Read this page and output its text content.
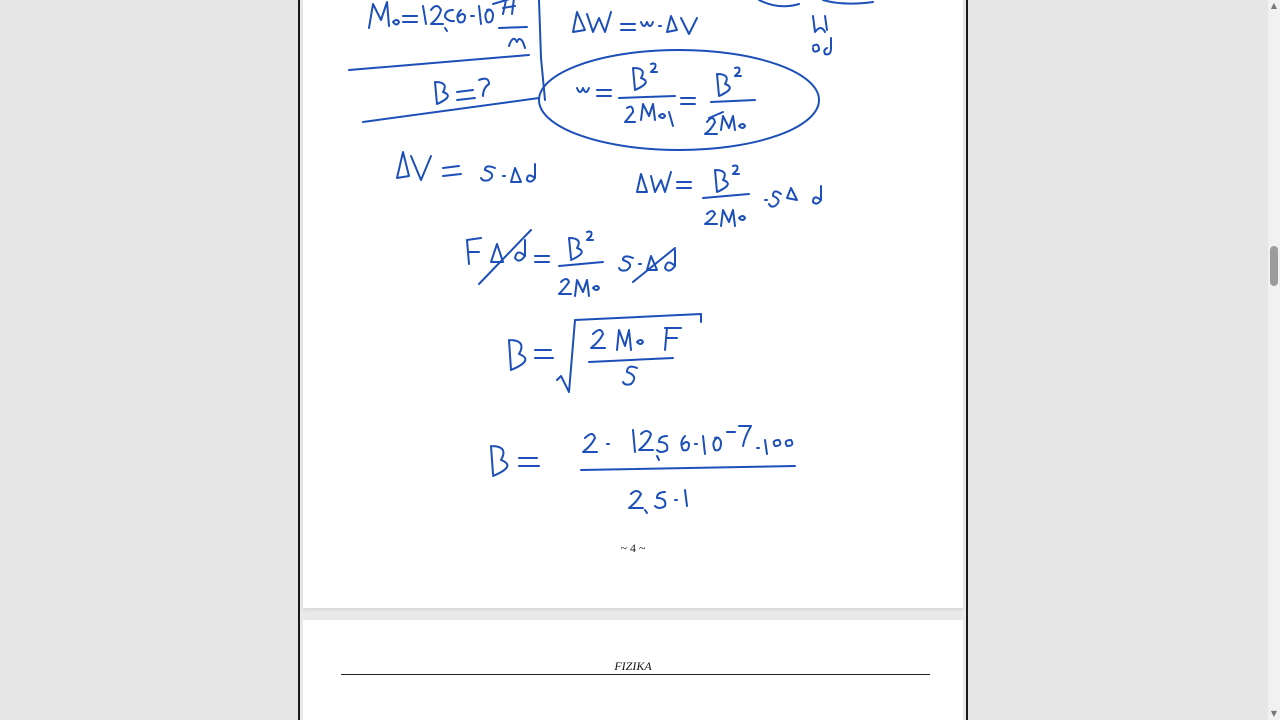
~ 4 ~
FIZIKA
▲
▼
